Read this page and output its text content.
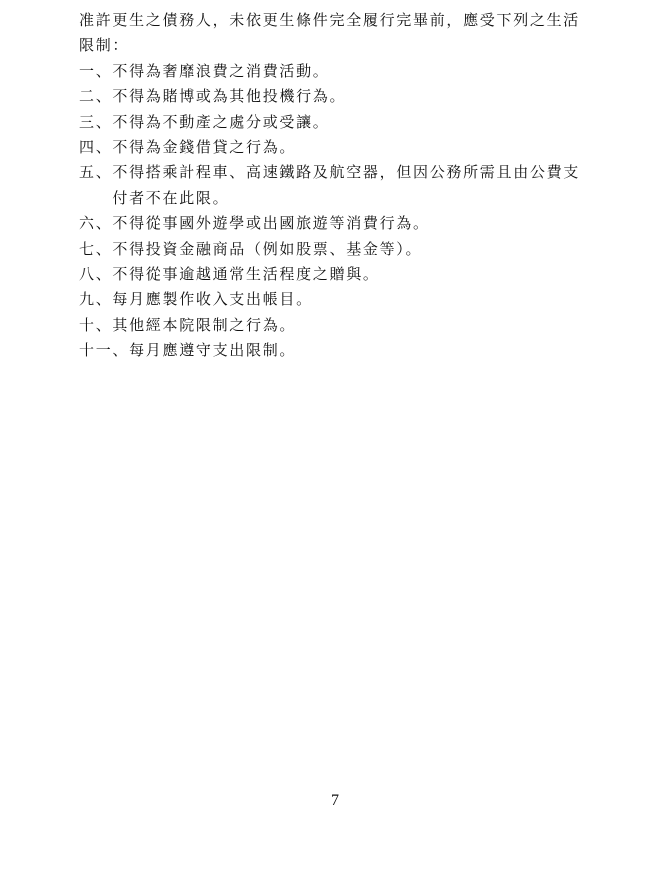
准許更生之債務人，未依更生條件完全履行完畢前，應受下列之生活限制：

一、 不得為奢靡浪費之消費活動。
二、 不得為賭博或為其他投機行為。
三、 不得為不動產之處分或受讓。
四、 不得為金錢借貸之行為。
五、 不得搭乘計程車、高速鐵路及航空器，但因公務所需且由公費支付者不在此限。
六、 不得從事國外遊學或出國旅遊等消費行為。
七、 不得投資金融商品（例如股票、基金等）。
八、 不得從事逾越通常生活程度之贈與。
九、 每月應製作收入支出帳目。
十、 其他經本院限制之行為。
十一、 每月應遵守支出限制。
7
